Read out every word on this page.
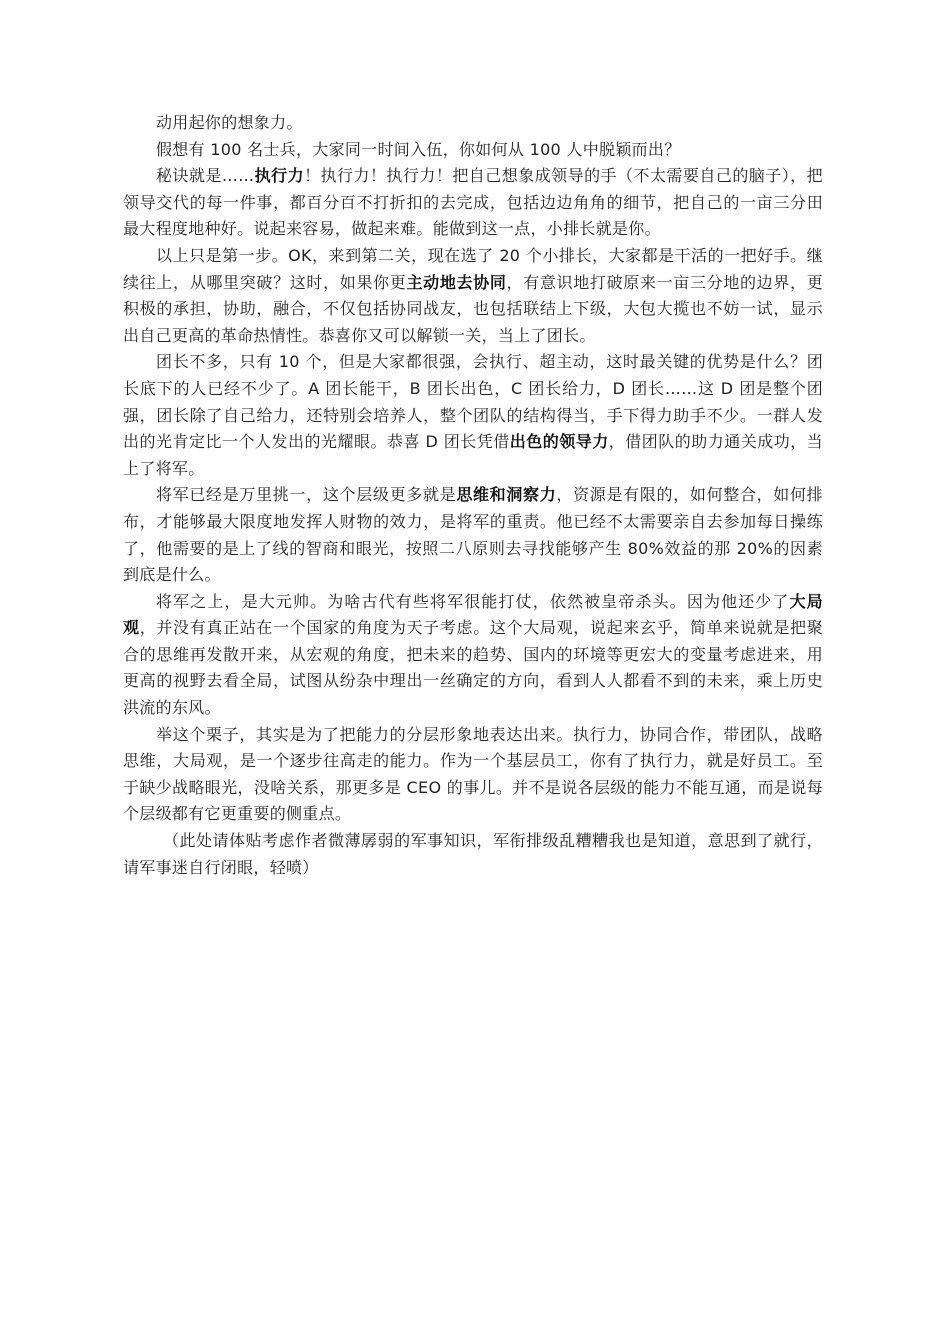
动用起你的想象力。

假想有 100 名士兵，大家同一时间入伍，你如何从 100 人中脱颖而出？

秘诀就是……执行力！执行力！执行力！把自己想象成领导的手（不太需要自己的脑子），把领导交代的每一件事，都百分百不打折扣的去完成，包括边边角角的细节，把自己的一亩三分田最大程度地种好。说起来容易，做起来难。能做到这一点，小排长就是你。

以上只是第一步。OK，来到第二关，现在选了 20 个小排长，大家都是干活的一把好手。继续往上，从哪里突破？这时，如果你更主动地去协同，有意识地打破原来一亩三分地的边界，更积极的承担，协助，融合，不仅包括协同战友，也包括联结上下级，大包大揽也不妨一试，显示出自己更高的革命热情性。恭喜你又可以解锁一关，当上了团长。

团长不多，只有 10 个，但是大家都很强，会执行、超主动，这时最关键的优势是什么？团长底下的人已经不少了。A 团长能干，B 团长出色，C 团长给力，D 团长……这 D 团是整个团强，团长除了自己给力，还特别会培养人，整个团队的结构得当，手下得力助手不少。一群人发出的光肯定比一个人发出的光耀眼。恭喜 D 团长凭借出色的领导力，借团队的助力通关成功，当上了将军。

将军已经是万里挑一，这个层级更多就是思维和洞察力，资源是有限的，如何整合，如何排布，才能够最大限度地发挥人财物的效力，是将军的重责。他已经不太需要亲自去参加每日操练了，他需要的是上了线的智商和眼光，按照二八原则去寻找能够产生 80%效益的那 20%的因素到底是什么。

将军之上，是大元帅。为啥古代有些将军很能打仗，依然被皇帝杀头。因为他还少了大局观，并没有真正站在一个国家的角度为天子考虑。这个大局观，说起来玄乎，简单来说就是把聚合的思维再发散开来，从宏观的角度，把未来的趋势、国内的环境等更宏大的变量考虑进来，用更高的视野去看全局，试图从纷杂中理出一丝确定的方向，看到人人都看不到的未来，乘上历史洪流的东风。

举这个栗子，其实是为了把能力的分层形象地表达出来。执行力，协同合作，带团队，战略思维，大局观，是一个逐步往高走的能力。作为一个基层员工，你有了执行力，就是好员工。至于缺少战略眼光，没啥关系，那更多是 CEO 的事儿。并不是说各层级的能力不能互通，而是说每个层级都有它更重要的侧重点。

（此处请体贴考虑作者微薄孱弱的军事知识，军衔排级乱糟糟我也是知道，意思到了就行，请军事迷自行闭眼，轻喷）
